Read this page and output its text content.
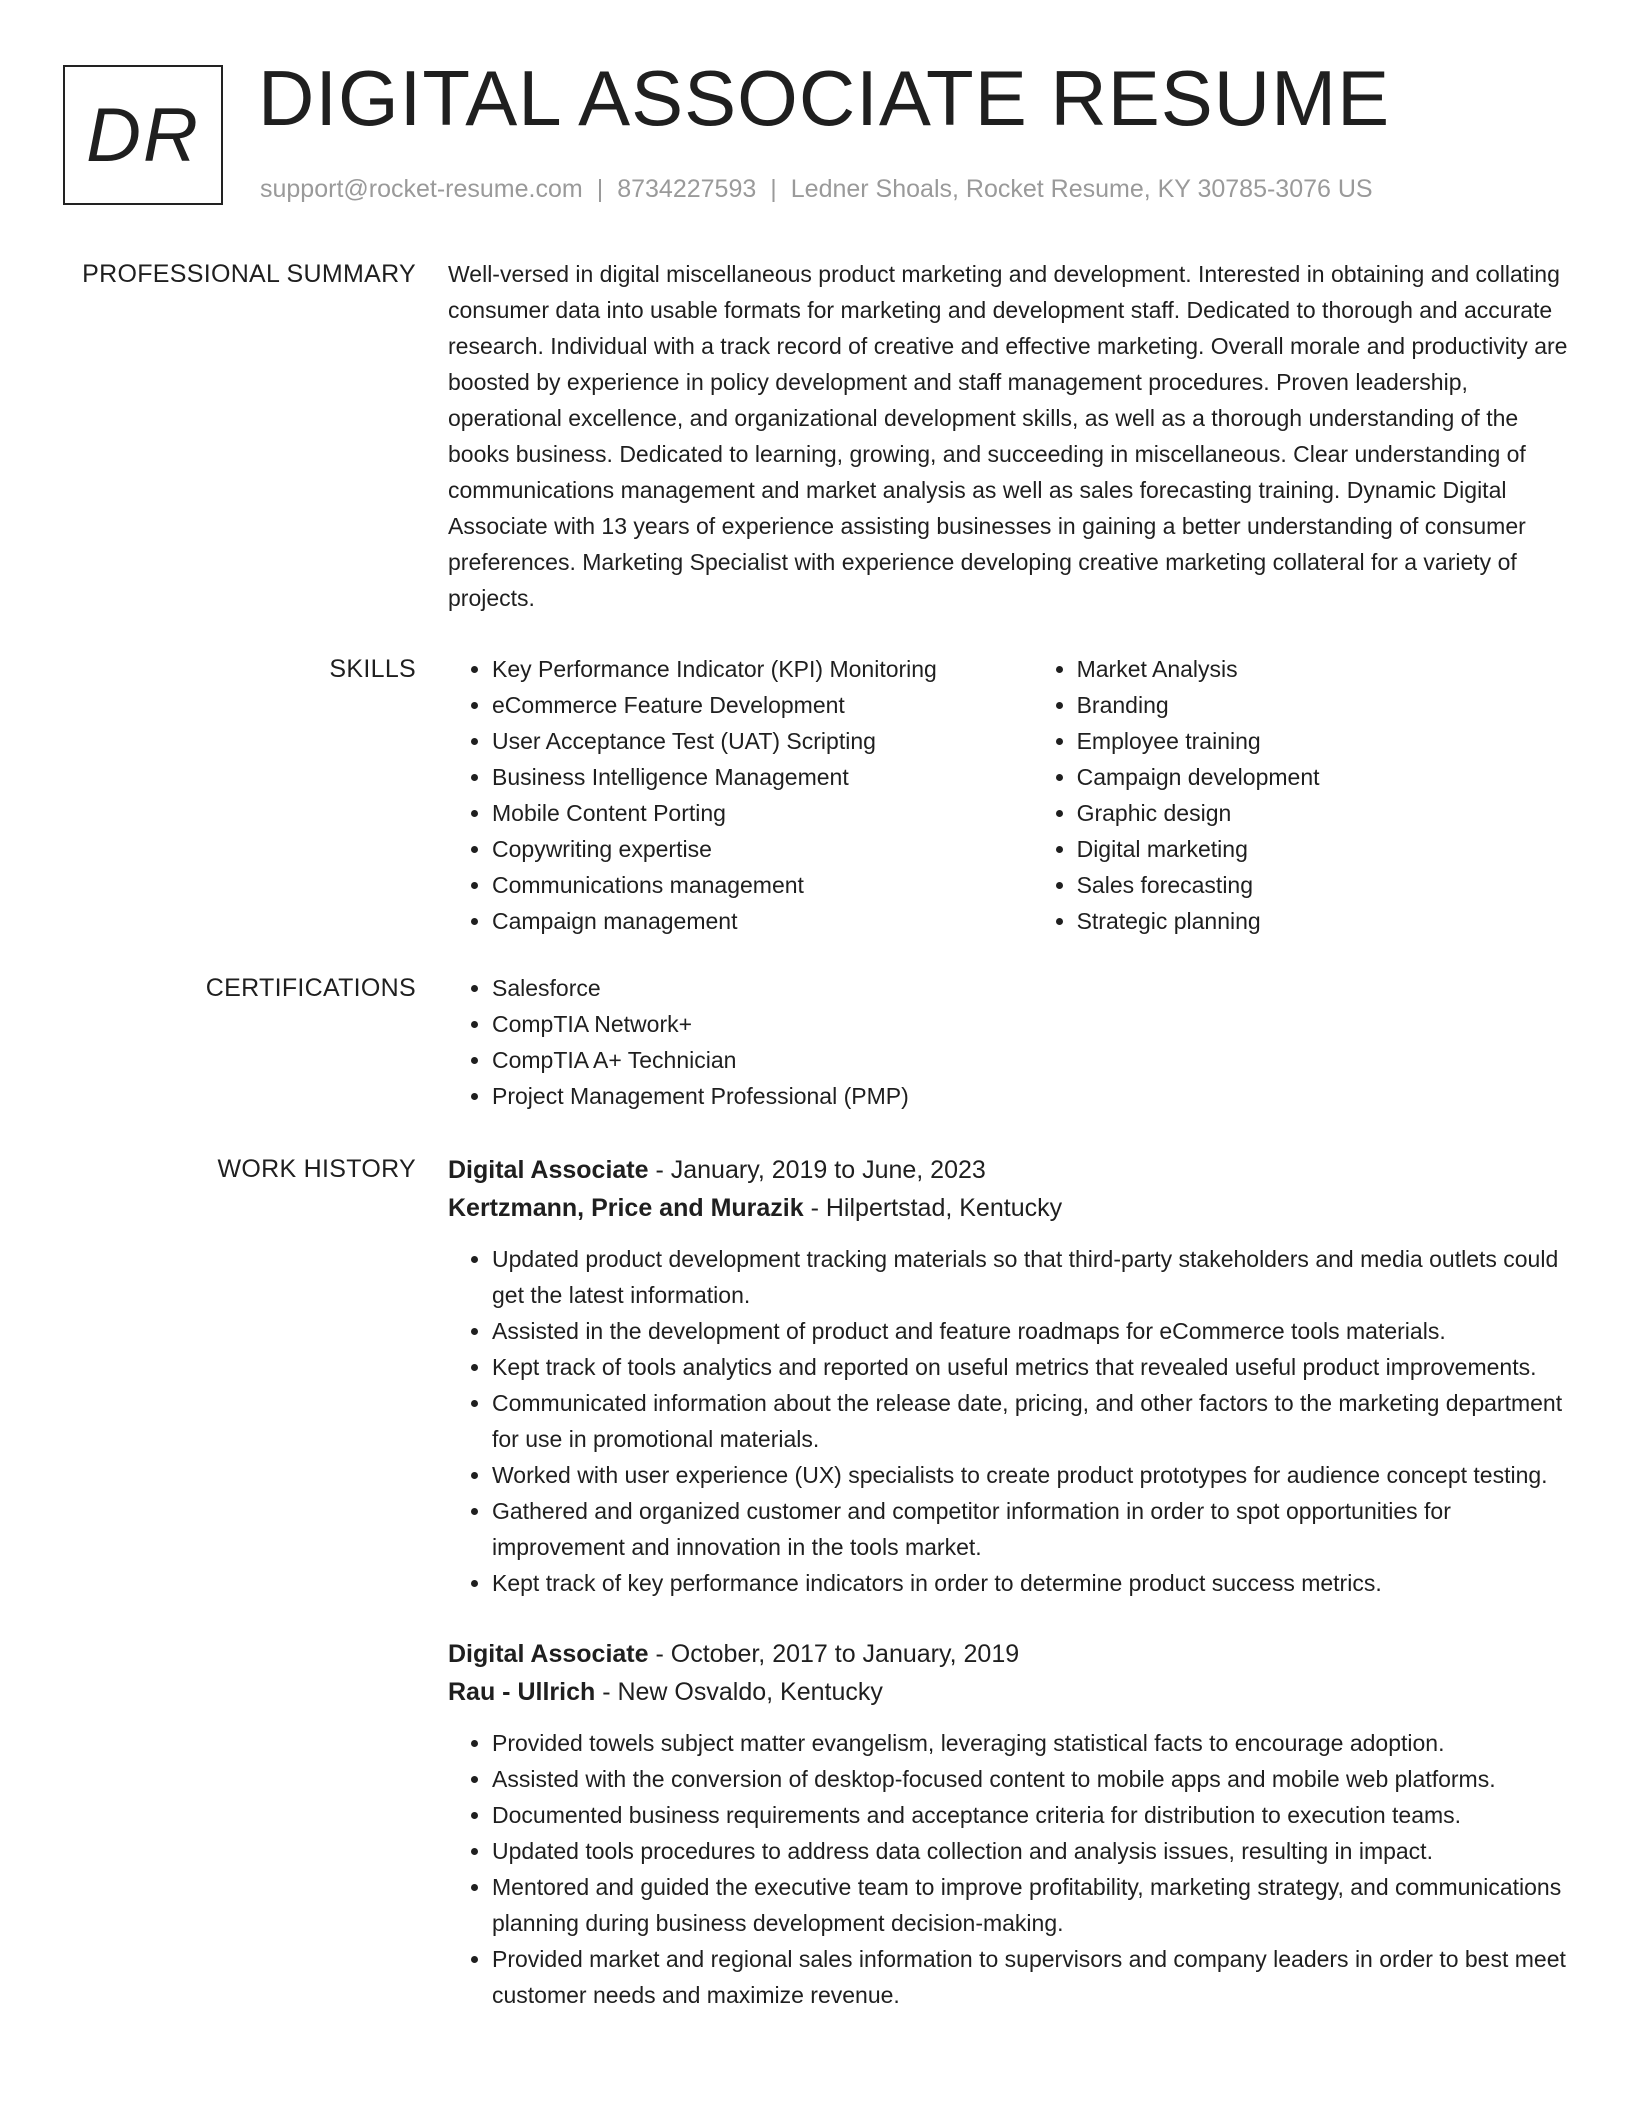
DR DIGITAL ASSOCIATE RESUME
support@rocket-resume.com | 8734227593 | Ledner Shoals, Rocket Resume, KY 30785-3076 US
PROFESSIONAL SUMMARY Well-versed in digital miscellaneous product marketing and development. Interested in obtaining and collating consumer data into usable formats for marketing and development staff. Dedicated to thorough and accurate research. Individual with a track record of creative and effective marketing. Overall morale and productivity are boosted by experience in policy development and staff management procedures. Proven leadership, operational excellence, and organizational development skills, as well as a thorough understanding of the books business. Dedicated to learning, growing, and succeeding in miscellaneous. Clear understanding of communications management and market analysis as well as sales forecasting training. Dynamic Digital Associate with 13 years of experience assisting businesses in gaining a better understanding of consumer preferences. Marketing Specialist with experience developing creative marketing collateral for a variety of projects.

SKILLS	• Key Performance Indicator (KPI) Monitoring
• eCommerce Feature Development
• User Acceptance Test (UAT) Scripting
• Business Intelligence Management
• Mobile Content Porting
• Copywriting expertise
• Communications management
• Campaign management
• Market Analysis
• Branding
• Employee training
• Campaign development
• Graphic design
• Digital marketing
• Sales forecasting
• Strategic planning
CERTIFICATIONS	• Salesforce
• CompTIA Network+
• CompTIA A+ Technician
• Project Management Professional (PMP)
WORK HISTORY Digital Associate - January, 2019 to June, 2023
Kertzmann, Price and Murazik - Hilpertstad, Kentucky
• Updated product development tracking materials so that third-party stakeholders and media outlets could get the latest information.
• Assisted in the development of product and feature roadmaps for eCommerce tools materials.
• Kept track of tools analytics and reported on useful metrics that revealed useful product improvements.
• Communicated information about the release date, pricing, and other factors to the marketing department for use in promotional materials.
• Worked with user experience (UX) specialists to create product prototypes for audience concept testing.
• Gathered and organized customer and competitor information in order to spot opportunities for improvement and innovation in the tools market.
• Kept track of key performance indicators in order to determine product success metrics.
Digital Associate - October, 2017 to January, 2019
Rau - Ullrich - New Osvaldo, Kentucky
• Provided towels subject matter evangelism, leveraging statistical facts to encourage adoption.
• Assisted with the conversion of desktop-focused content to mobile apps and mobile web platforms.
• Documented business requirements and acceptance criteria for distribution to execution teams.
• Updated tools procedures to address data collection and analysis issues, resulting in impact.
• Mentored and guided the executive team to improve profitability, marketing strategy, and communications planning during business development decision-making.
• Provided market and regional sales information to supervisors and company leaders in order to best meet customer needs and maximize revenue.
